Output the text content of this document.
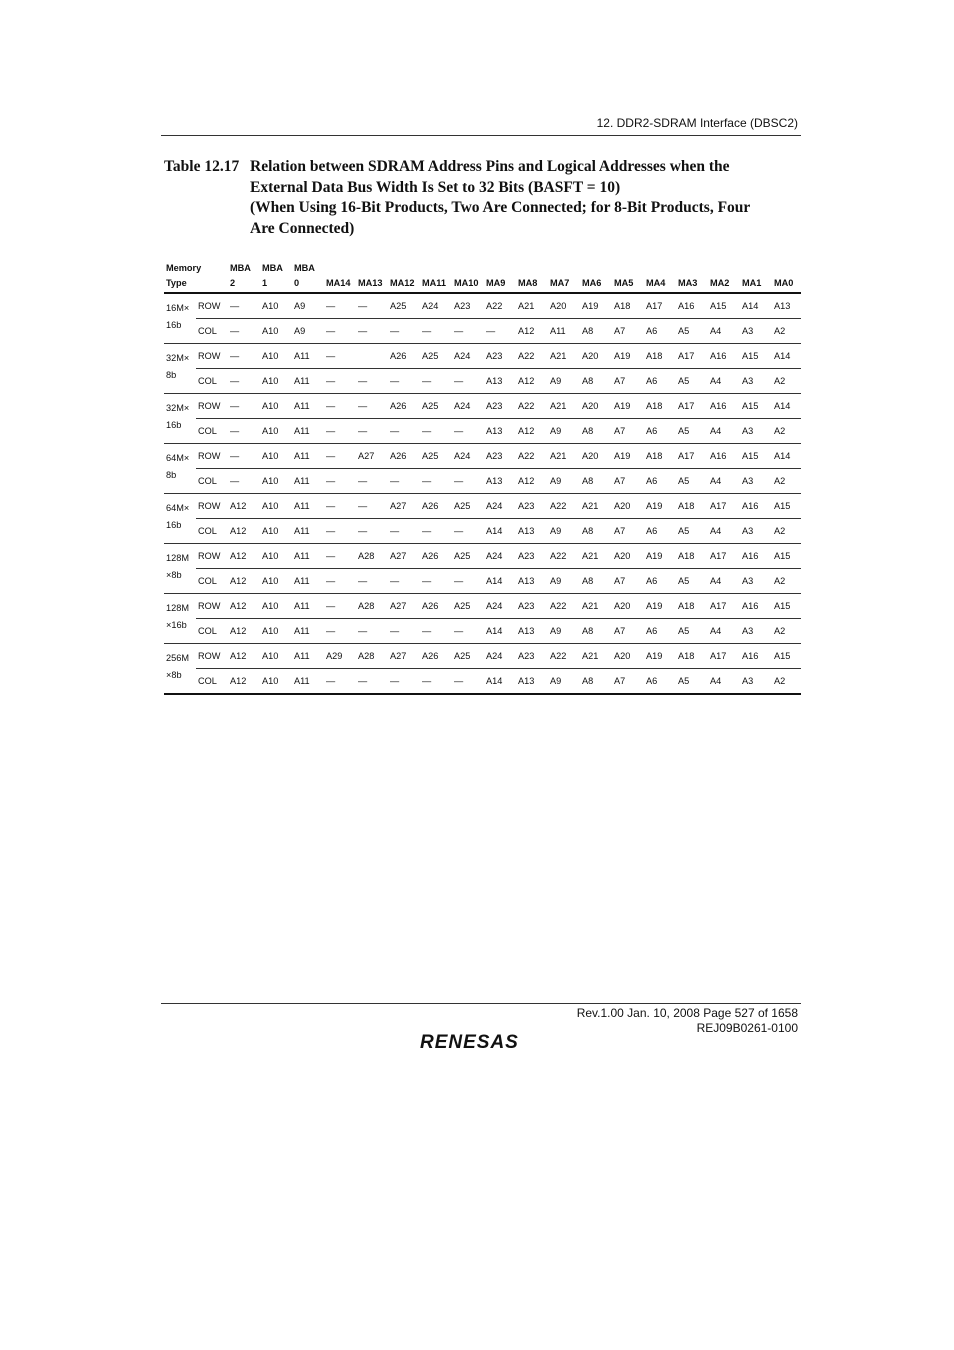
12. DDR2-SDRAM Interface (DBSC2)
Table 12.17 Relation between SDRAM Address Pins and Logical Addresses when the
External Data Bus Width Is Set to 32 Bits (BASFT = 10)
(When Using 16-Bit Products, Two Are Connected; for 8-Bit Products, Four
Are Connected)
Memory		MBA	MBA	MBA															
Type		2	1	0	MA14	MA13	MA12	MA11	MA10	MA9	MA8	MA7	MA6	MA5	MA4	MA3	MA2	MA1	MA0

16M×
16b	ROW	—	A10	A9	—	—	A25	A24	A23	A22	A21	A20	A19	A18	A17	A16	A15	A14	A13
	COL	—	A10	A9	—	—	—	—	—	—	A12	A11	A8	A7	A6	A5	A4	A3	A2

32M×
8b	ROW	—	A10	A11	—		A26	A25	A24	A23	A22	A21	A20	A19	A18	A17	A16	A15	A14
	COL	—	A10	A11	—	—	—	—	—	A13	A12	A9	A8	A7	A6	A5	A4	A3	A2

32M×
16b	ROW	—	A10	A11	—	—	A26	A25	A24	A23	A22	A21	A20	A19	A18	A17	A16	A15	A14
	COL	—	A10	A11	—	—	—	—	—	A13	A12	A9	A8	A7	A6	A5	A4	A3	A2

64M×
8b	ROW	—	A10	A11	—	A27	A26	A25	A24	A23	A22	A21	A20	A19	A18	A17	A16	A15	A14
	COL	—	A10	A11	—	—	—	—	—	A13	A12	A9	A8	A7	A6	A5	A4	A3	A2

64M×
16b	ROW	A12	A10	A11	—	—	A27	A26	A25	A24	A23	A22	A21	A20	A19	A18	A17	A16	A15
	COL	A12	A10	A11	—	—	—	—	—	A14	A13	A9	A8	A7	A6	A5	A4	A3	A2

128M
×8b	ROW	A12	A10	A11	—	A28	A27	A26	A25	A24	A23	A22	A21	A20	A19	A18	A17	A16	A15
	COL	A12	A10	A11	—	—	—	—	—	A14	A13	A9	A8	A7	A6	A5	A4	A3	A2

128M
×16b	ROW	A12	A10	A11	—	A28	A27	A26	A25	A24	A23	A22	A21	A20	A19	A18	A17	A16	A15
	COL	A12	A10	A11	—	—	—	—	—	A14	A13	A9	A8	A7	A6	A5	A4	A3	A2

256M
×8b	ROW	A12	A10	A11	A29	A28	A27	A26	A25	A24	A23	A22	A21	A20	A19	A18	A17	A16	A15
	COL	A12	A10	A11	—	—	—	—	—	A14	A13	A9	A8	A7	A6	A5	A4	A3	A2
Rev.1.00 Jan. 10, 2008 Page 527 of 1658
REJ09B0261-0100
RENESAS
